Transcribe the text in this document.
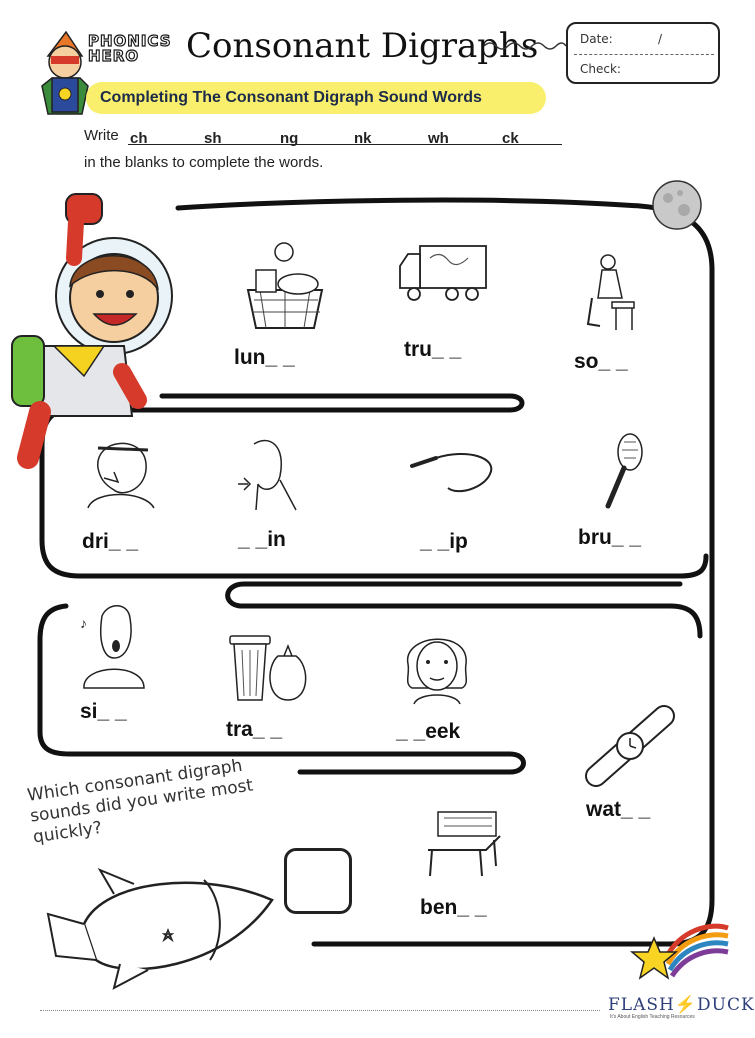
PHONICS
HERO	Consonant Digraphs	Date:	/
Check:
Completing The Consonant Digraph Sound Words
Write ch	sh	ng	nk	wh	ck
in the blanks to complete the words.
lun_ _	tru_ _
so_ _
dri_ _	_ _in	_ _ip	bru_ _
♪
si_ _
tra_ _	_ _eek
wat_ _
ben_ _
Which consonant digraph sounds did you write most quickly?
FLASH⚡DUCK
It's About English Teaching Resources
